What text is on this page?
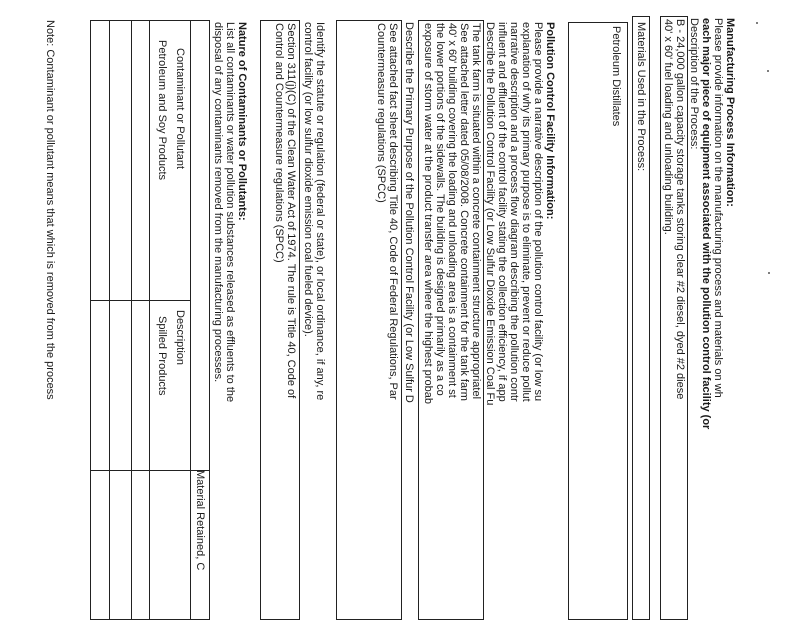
Manufacturing Process Information:
Please provide information on the manufacturing process and materials on wh
each major piece of equipment associated with the pollution control facility (or
Description of the Process:
B - 24,000 gallon capacity storage tanks storing clear #2 diesel, dyed #2 diese
40' x 60' fuel loading and unloading building.
Materials Used in the Process:
Petroleum Distillates
Pollution Control Facility Information:
Please provide a narrative description of the pollution control facility (or low su
explanation of why its primary purpose is to eliminate, prevent or reduce pollut
narrative description and a process flow diagram describing the pollution contr
influent and effluent of the control facility stating the collection efficiency, if app
Describe the Pollution Control Facility (or Low Sulfur Dioxide Emission Coal Fu
The tank farm is situated within a concrete containment structure appropriatel
See attached letter dated 05/08/2008. Concrete containment for the tank farm
40' x 60' building covering the loading and unloading area is a containment st
the lower portions of the sidewalls. The building is designed primarily as a co
exposure of storm water at the product transfer area where the highest probab
Describe the Primary Purpose of the Pollution Control Facility (or Low Sulfur D
See attached fact sheet describing Title 40, Code of Federal Regulations, Par
Countermeasure regulations (SPCC)
Identify the statute or regulation (federal or state), or local ordinance, if any, re
control facility (or low sulfur dioxide emission coal fueled device).
Section 311(j)(C) of the Clean Water Act of 1974. The rule is Title 40, Code of
Control and Countermeasure regulations (SPCC)
Nature of Contaminants or Pollutants:
List all contaminants or water pollution substances released as effluents to the
disposal of any contaminants removed from the manufacturing processes.
Material Retained, C
Contaminant or Pollutant
Description
Petroleum and Soy Products
Spilled Products
Note: Contaminant or pollutant means that which is removed from the process
